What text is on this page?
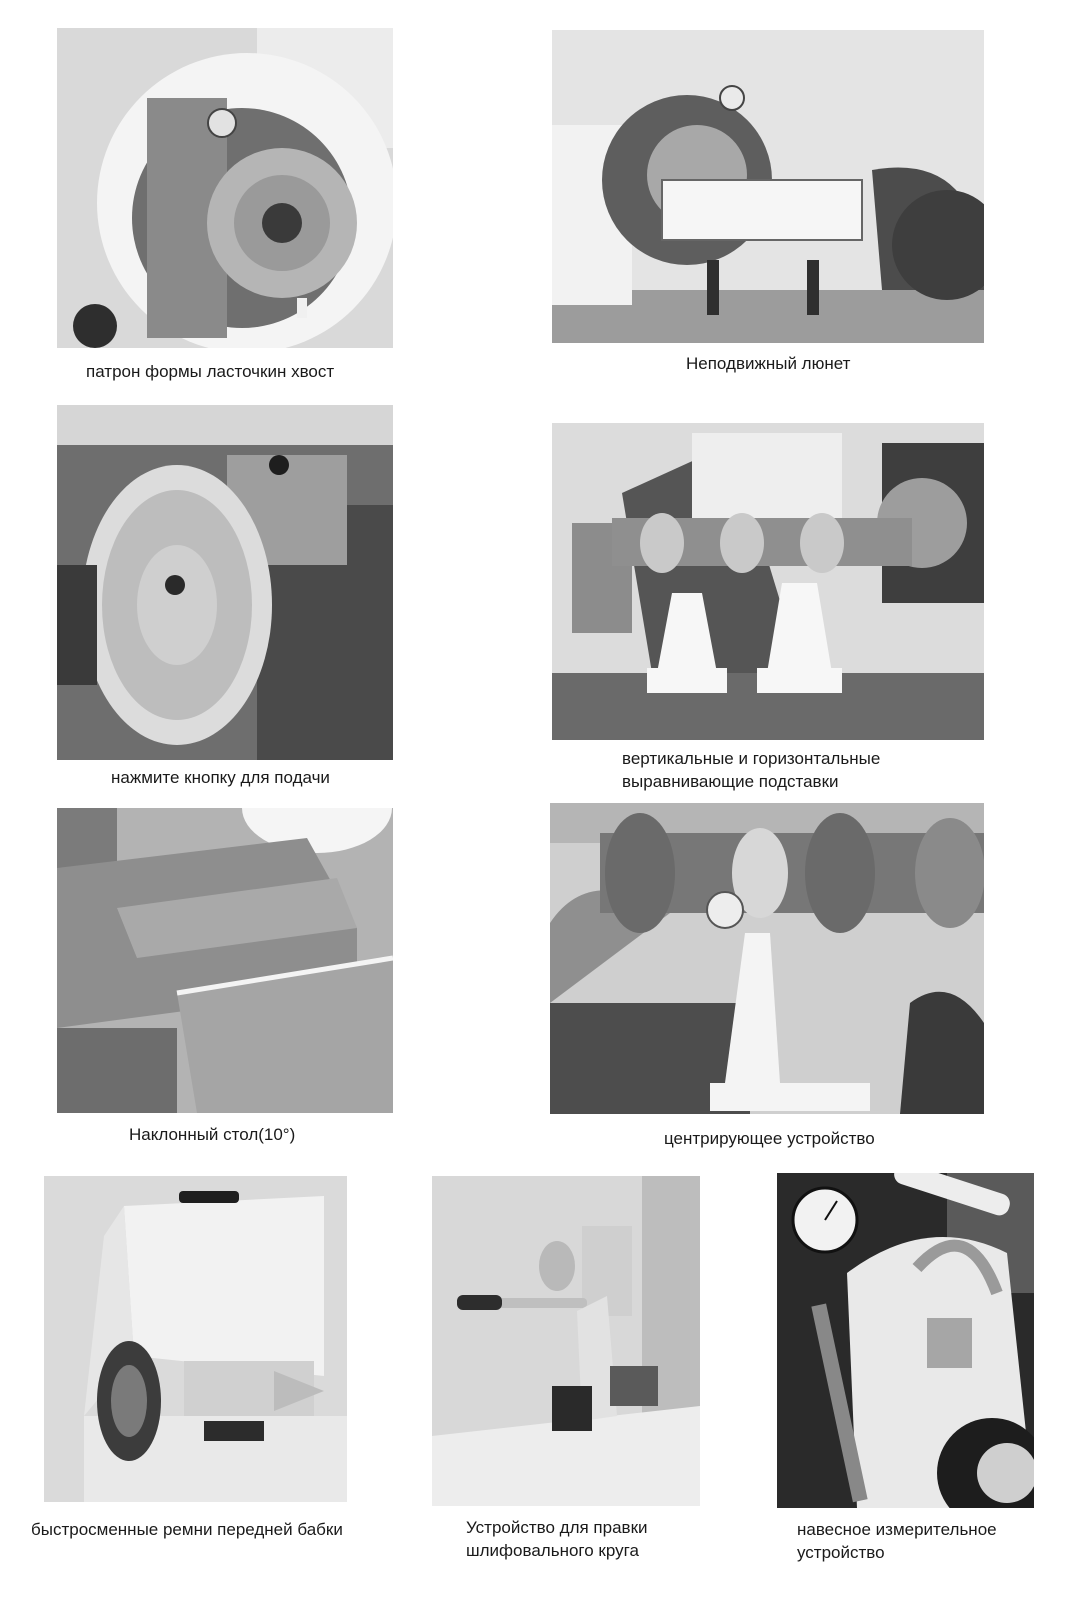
патрон формы ласточкин хвост	Неподвижный люнет
нажмите кнопку для подачи
вертикальные и горизонтальные
выравнивающие подставки
Наклонный стол(10°)	центрирующее устройство
быстросменные ремни передней бабки	Устройство для правки
шлифовального круга
навесное измерительное
устройство
